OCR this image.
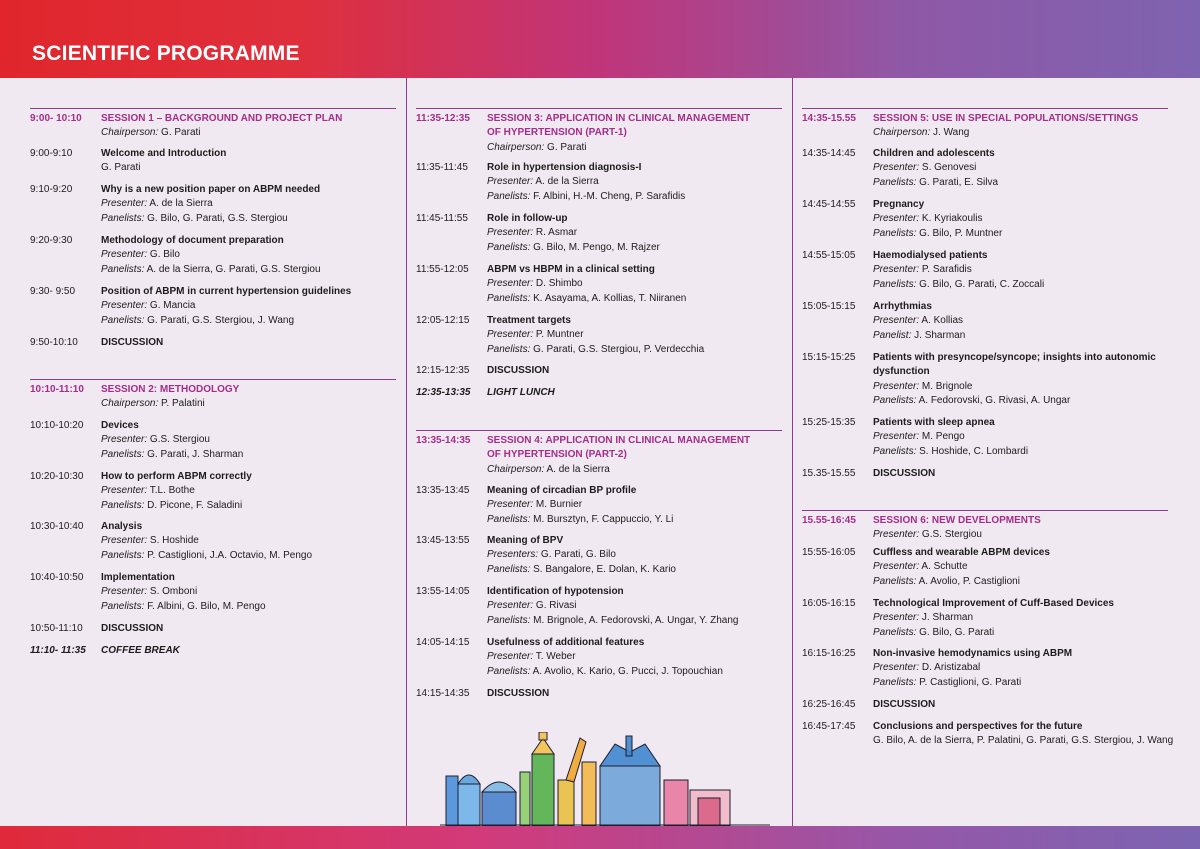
SCIENTIFIC PROGRAMME
9:00- 10:10	SESSION 1 – BACKGROUND AND PROJECT PLAN
Chairperson: G. Parati
9:00-9:10	Welcome and Introduction
G. Parati
9:10-9:20	Why is a new position paper on ABPM needed
Presenter: A. de la Sierra
Panelists: G. Bilo, G. Parati, G.S. Stergiou
9:20-9:30	Methodology of document preparation
Presenter: G. Bilo
Panelists: A. de la Sierra, G. Parati, G.S. Stergiou
9:30- 9:50	Position of ABPM in current hypertension guidelines
Presenter: G. Mancia
Panelists: G. Parati, G.S. Stergiou, J. Wang
9:50-10:10	DISCUSSION
10:10-11:10	SESSION 2: METHODOLOGY
Chairperson: P. Palatini
10:10-10:20	Devices
Presenter: G.S. Stergiou
Panelists: G. Parati, J. Sharman
10:20-10:30	How to perform ABPM correctly
Presenter: T.L. Bothe
Panelists: D. Picone, F. Saladini
10:30-10:40	Analysis
Presenter: S. Hoshide
Panelists: P. Castiglioni, J.A. Octavio, M. Pengo
10:40-10:50	Implementation
Presenter: S. Omboni
Panelists: F. Albini, G. Bilo, M. Pengo
10:50-11:10	DISCUSSION
11:10- 11:35	COFFEE BREAK
11:35-12:35	SESSION 3: APPLICATION IN CLINICAL MANAGEMENT
OF HYPERTENSION (PART-1)
Chairperson: G. Parati
11:35-11:45	Role in hypertension diagnosis-I
Presenter: A. de la Sierra
Panelists: F. Albini, H.-M. Cheng, P. Sarafidis
11:45-11:55	Role in follow-up
Presenter: R. Asmar
Panelists: G. Bilo, M. Pengo, M. Rajzer
11:55-12:05	ABPM vs HBPM in a clinical setting
Presenter: D. Shimbo
Panelists: K. Asayama, A. Kollias, T. Niiranen
12:05-12:15	Treatment targets
Presenter: P. Muntner
Panelists: G. Parati, G.S. Stergiou, P. Verdecchia
12:15-12:35	DISCUSSION
12:35-13:35	LIGHT LUNCH
13:35-14:35	SESSION 4: APPLICATION IN CLINICAL MANAGEMENT
OF HYPERTENSION (PART-2)
Chairperson: A. de la Sierra
13:35-13:45	Meaning of circadian BP profile
Presenter: M. Burnier
Panelists: M. Bursztyn, F. Cappuccio, Y. Li
13:45-13:55	Meaning of BPV
Presenters: G. Parati, G. Bilo
Panelists: S. Bangalore, E. Dolan, K. Kario
13:55-14:05	Identification of hypotension
Presenter: G. Rivasi
Panelists: M. Brignole, A. Fedorovski, A. Ungar, Y. Zhang
14:05-14:15	Usefulness of additional features
Presenter: T. Weber
Panelists: A. Avolio, K. Kario, G. Pucci, J. Topouchian
14:15-14:35	DISCUSSION
14:35-15.55	SESSION 5: USE IN SPECIAL POPULATIONS/SETTINGS
Chairperson: J. Wang
14:35-14:45	Children and adolescents
Presenter: S. Genovesi
Panelists: G. Parati, E. Silva
14:45-14:55	Pregnancy
Presenter: K. Kyriakoulis
Panelists: G. Bilo, P. Muntner
14:55-15:05	Haemodialysed patients
Presenter: P. Sarafidis
Panelists: G. Bilo, G. Parati, C. Zoccali
15:05-15:15	Arrhythmias
Presenter: A. Kollias
Panelist: J. Sharman
15:15-15:25	Patients with presyncope/syncope; insights into autonomic
dysfunction
Presenter: M. Brignole
Panelists: A. Fedorovski, G. Rivasi, A. Ungar
15:25-15:35	Patients with sleep apnea
Presenter: M. Pengo
Panelists: S. Hoshide, C. Lombardi
15.35-15.55	DISCUSSION
15.55-16:45	SESSION 6: NEW DEVELOPMENTS
Presenter: G.S. Stergiou
15:55-16:05	Cuffless and wearable ABPM devices
Presenter: A. Schutte
Panelists: A. Avolio, P. Castiglioni
16:05-16:15	Technological Improvement of Cuff-Based Devices
Presenter: J. Sharman
Panelists: G. Bilo, G. Parati
16:15-16:25	Non-invasive hemodynamics using ABPM
Presenter: D. Aristizabal
Panelists: P. Castiglioni, G. Parati
16:25-16:45	DISCUSSION
16:45-17:45	Conclusions and perspectives for the future
G. Bilo, A. de la Sierra, P. Palatini, G. Parati, G.S. Stergiou, J. Wang
